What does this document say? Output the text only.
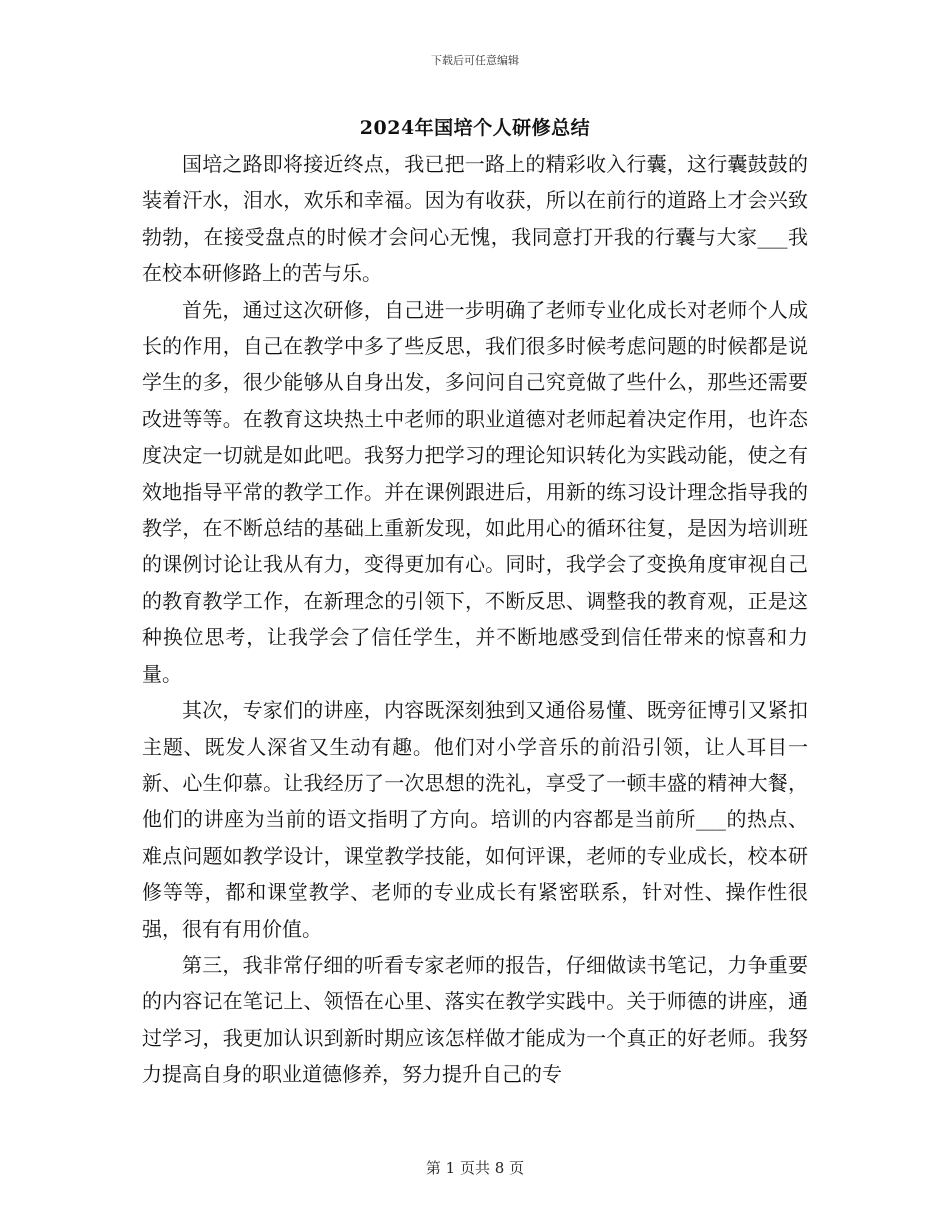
下载后可任意编辑
2024年国培个人研修总结

国培之路即将接近终点，我已把一路上的精彩收入行囊，这行囊鼓鼓的装着汗水，泪水，欢乐和幸福。因为有收获，所以在前行的道路上才会兴致勃勃，在接受盘点的时候才会问心无愧，我同意打开我的行囊与大家___我在校本研修路上的苦与乐。

首先，通过这次研修，自己进一步明确了老师专业化成长对老师个人成长的作用，自己在教学中多了些反思，我们很多时候考虑问题的时候都是说学生的多，很少能够从自身出发，多问问自己究竟做了些什么，那些还需要改进等等。在教育这块热土中老师的职业道德对老师起着决定作用，也许态度决定一切就是如此吧。我努力把学习的理论知识转化为实践动能，使之有效地指导平常的教学工作。并在课例跟进后，用新的练习设计理念指导我的教学，在不断总结的基础上重新发现，如此用心的循环往复，是因为培训班的课例讨论让我从有力，变得更加有心。同时，我学会了变换角度审视自己的教育教学工作，在新理念的引领下，不断反思、调整我的教育观，正是这种换位思考，让我学会了信任学生，并不断地感受到信任带来的惊喜和力量。

其次，专家们的讲座，内容既深刻独到又通俗易懂、既旁征博引又紧扣主题、既发人深省又生动有趣。他们对小学音乐的前沿引领，让人耳目一新、心生仰慕。让我经历了一次思想的洗礼，享受了一顿丰盛的精神大餐，他们的讲座为当前的语文指明了方向。培训的内容都是当前所___的热点、难点问题如教学设计，课堂教学技能，如何评课，老师的专业成长，校本研修等等，都和课堂教学、老师的专业成长有紧密联系，针对性、操作性很强，很有有用价值。

第三，我非常仔细的听看专家老师的报告，仔细做读书笔记，力争重要的内容记在笔记上、领悟在心里、落实在教学实践中。关于师德的讲座，通过学习，我更加认识到新时期应该怎样做才能成为一个真正的好老师。我努力提高自身的职业道德修养，努力提升自己的专

第 1 页共 8 页
